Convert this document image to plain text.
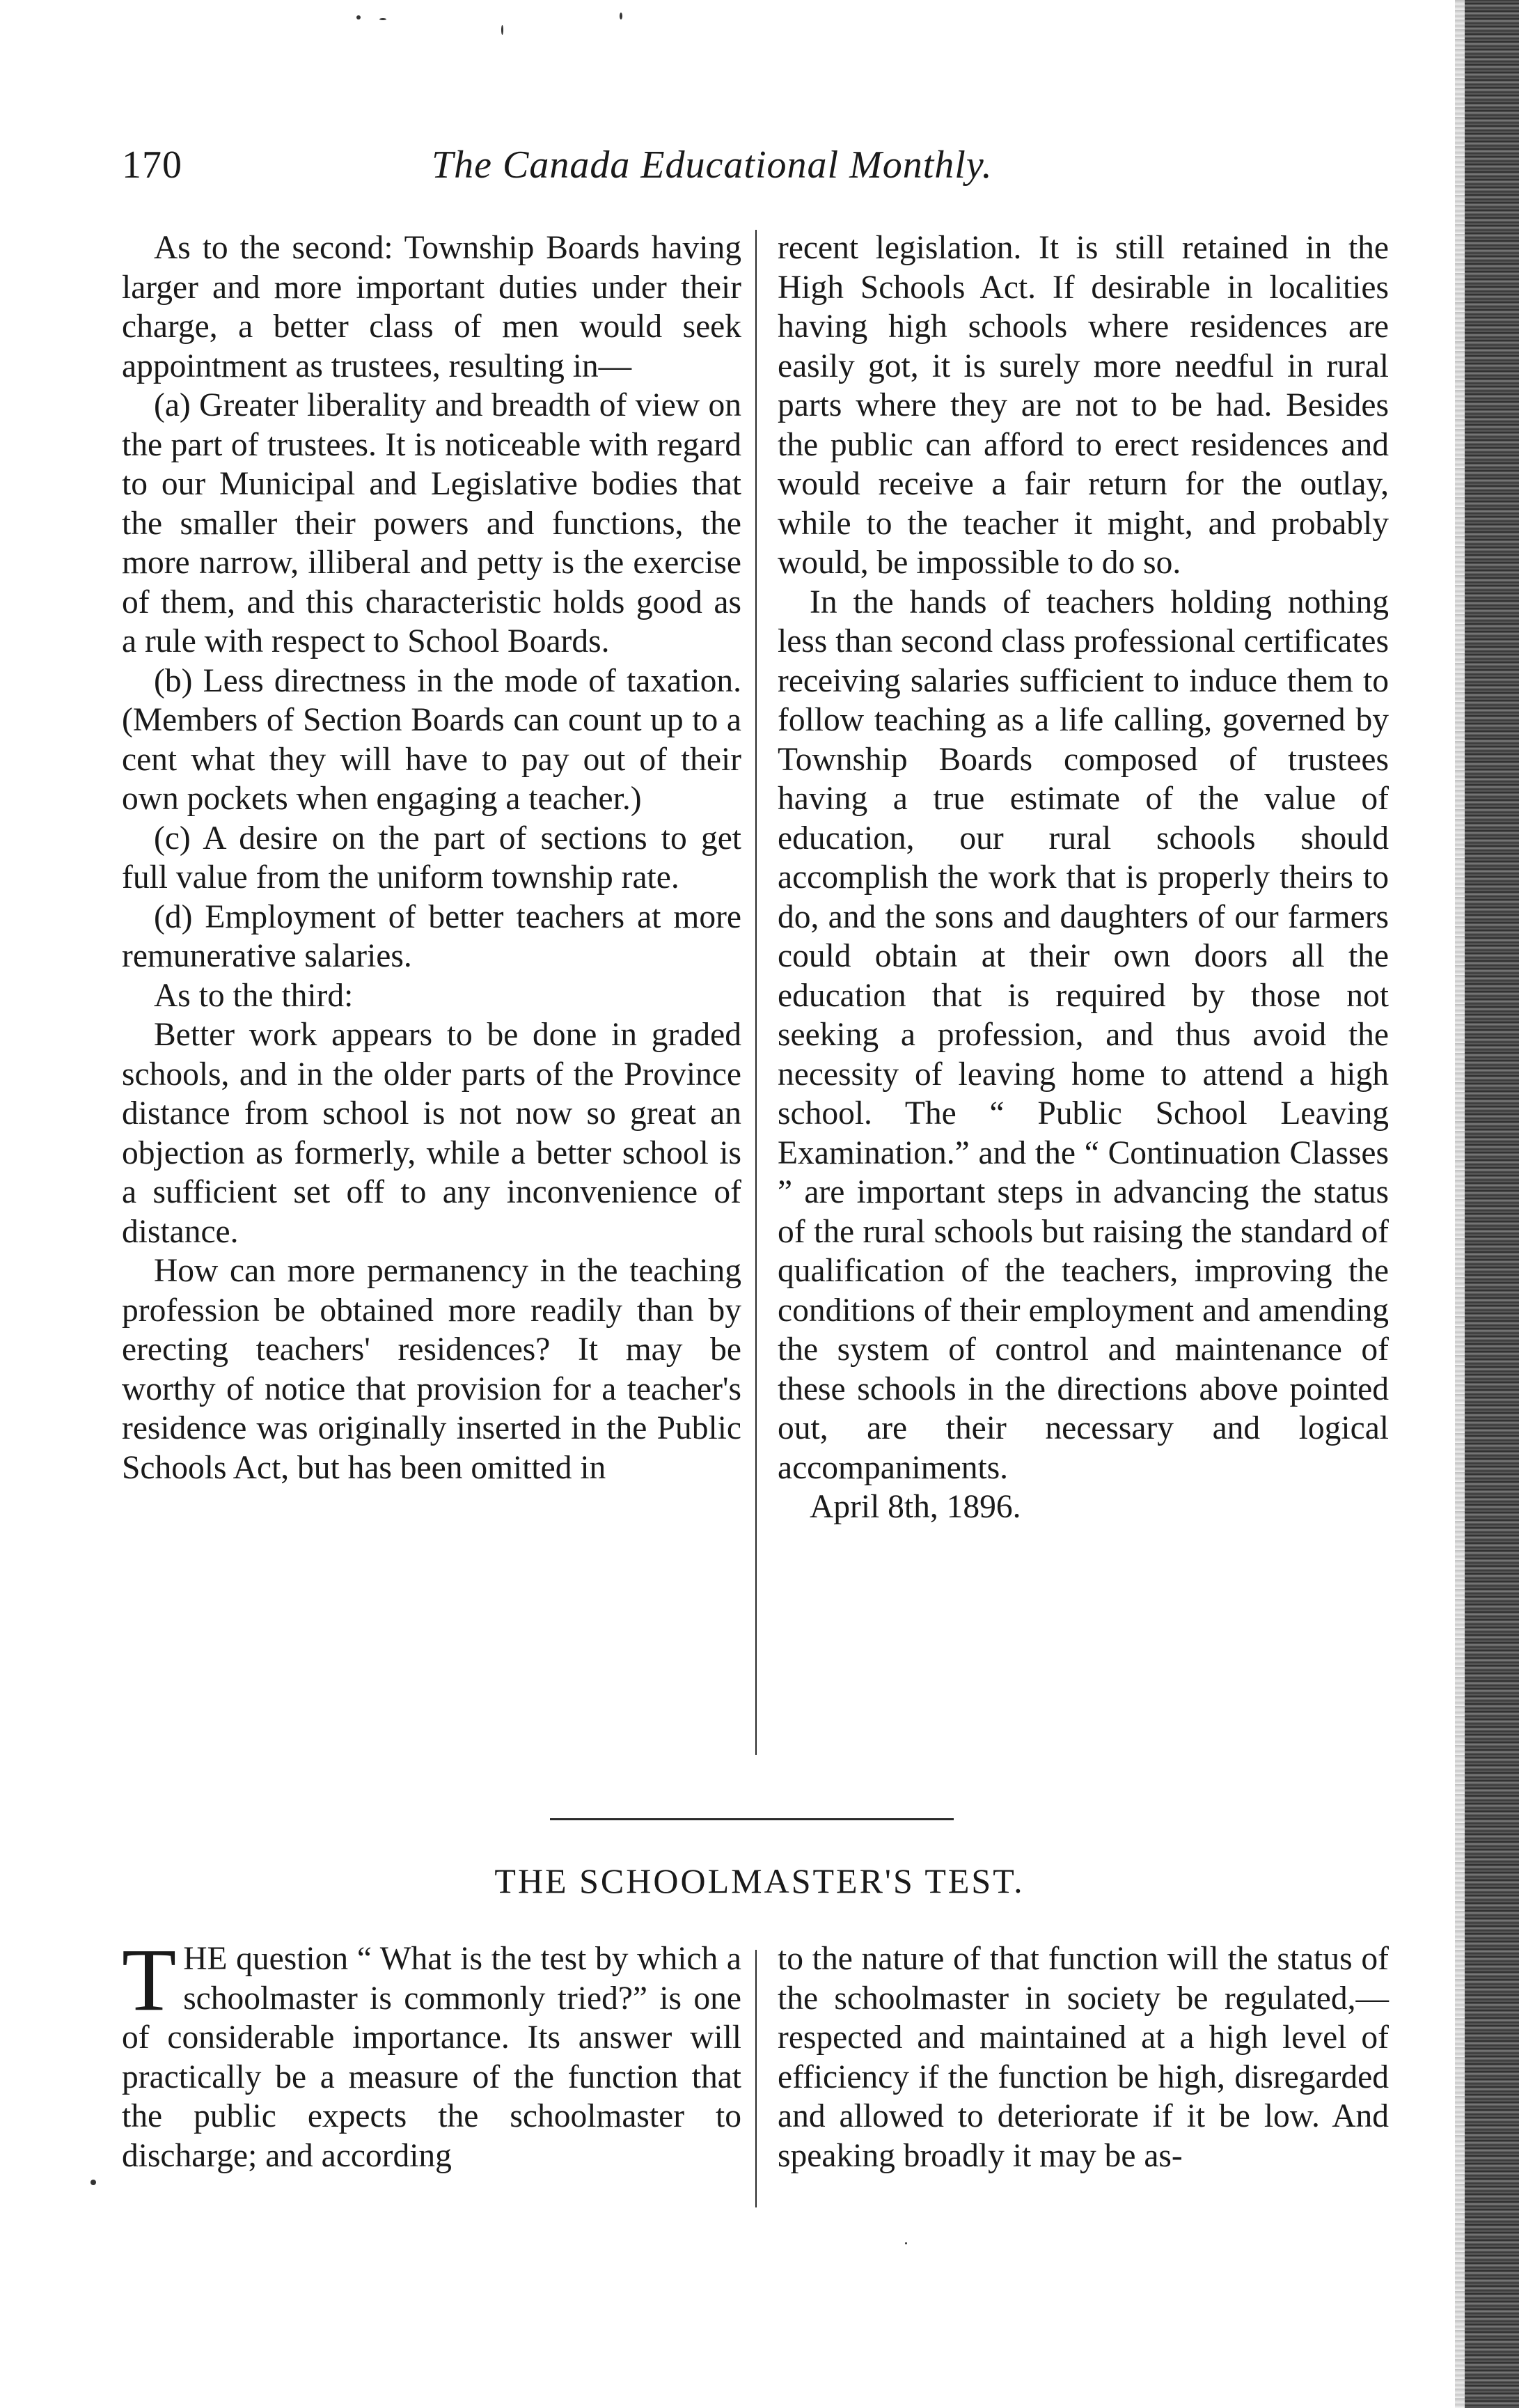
170	The Canada Educational Monthly.

As to the second: Township Boards having larger and more important duties under their charge, a better class of men would seek appointment as trustees, resulting in—

(a) Greater liberality and breadth of view on the part of trustees. It is noticeable with regard to our Municipal and Legislative bodies that the smaller their powers and functions, the more narrow, illiberal and petty is the exercise of them, and this characteristic holds good as a rule with respect to School Boards.

(b) Less directness in the mode of taxation. (Members of Section Boards can count up to a cent what they will have to pay out of their own pockets when engaging a teacher.)

(c) A desire on the part of sections to get full value from the uniform township rate.

(d) Employment of better teachers at more remunerative salaries.

As to the third:

Better work appears to be done in graded schools, and in the older parts of the Province distance from school is not now so great an objection as formerly, while a better school is a sufficient set off to any inconvenience of distance.

How can more permanency in the teaching profession be obtained more readily than by erecting teachers' residences? It may be worthy of notice that provision for a teacher's residence was originally inserted in the Public Schools Act, but has been omitted in

recent legislation. It is still retained in the High Schools Act. If desirable in localities having high schools where residences are easily got, it is surely more needful in rural parts where they are not to be had. Besides the public can afford to erect residences and would receive a fair return for the outlay, while to the teacher it might, and probably would, be impossible to do so.

In the hands of teachers holding nothing less than second class professional certificates receiving salaries sufficient to induce them to follow teaching as a life calling, governed by Township Boards composed of trustees having a true estimate of the value of education, our rural schools should accomplish the work that is properly theirs to do, and the sons and daughters of our farmers could obtain at their own doors all the education that is required by those not seeking a profession, and thus avoid the necessity of leaving home to attend a high school. The “ Public School Leaving Examination.” and the “ Continuation Classes ” are important steps in advancing the status of the rural schools but raising the standard of qualification of the teachers, improving the conditions of their employment and amending the system of control and maintenance of these schools in the directions above pointed out, are their necessary and logical accompaniments.

April 8th, 1896.

THE SCHOOLMASTER'S TEST.

THE question “ What is the test by which a schoolmaster is commonly tried?” is one of considerable importance. Its answer will practically be a measure of the function that the public expects the schoolmaster to discharge; and according

to the nature of that function will the status of the schoolmaster in society be regulated,—respected and maintained at a high level of efficiency if the function be high, disregarded and allowed to deteriorate if it be low. And speaking broadly it may be as-
